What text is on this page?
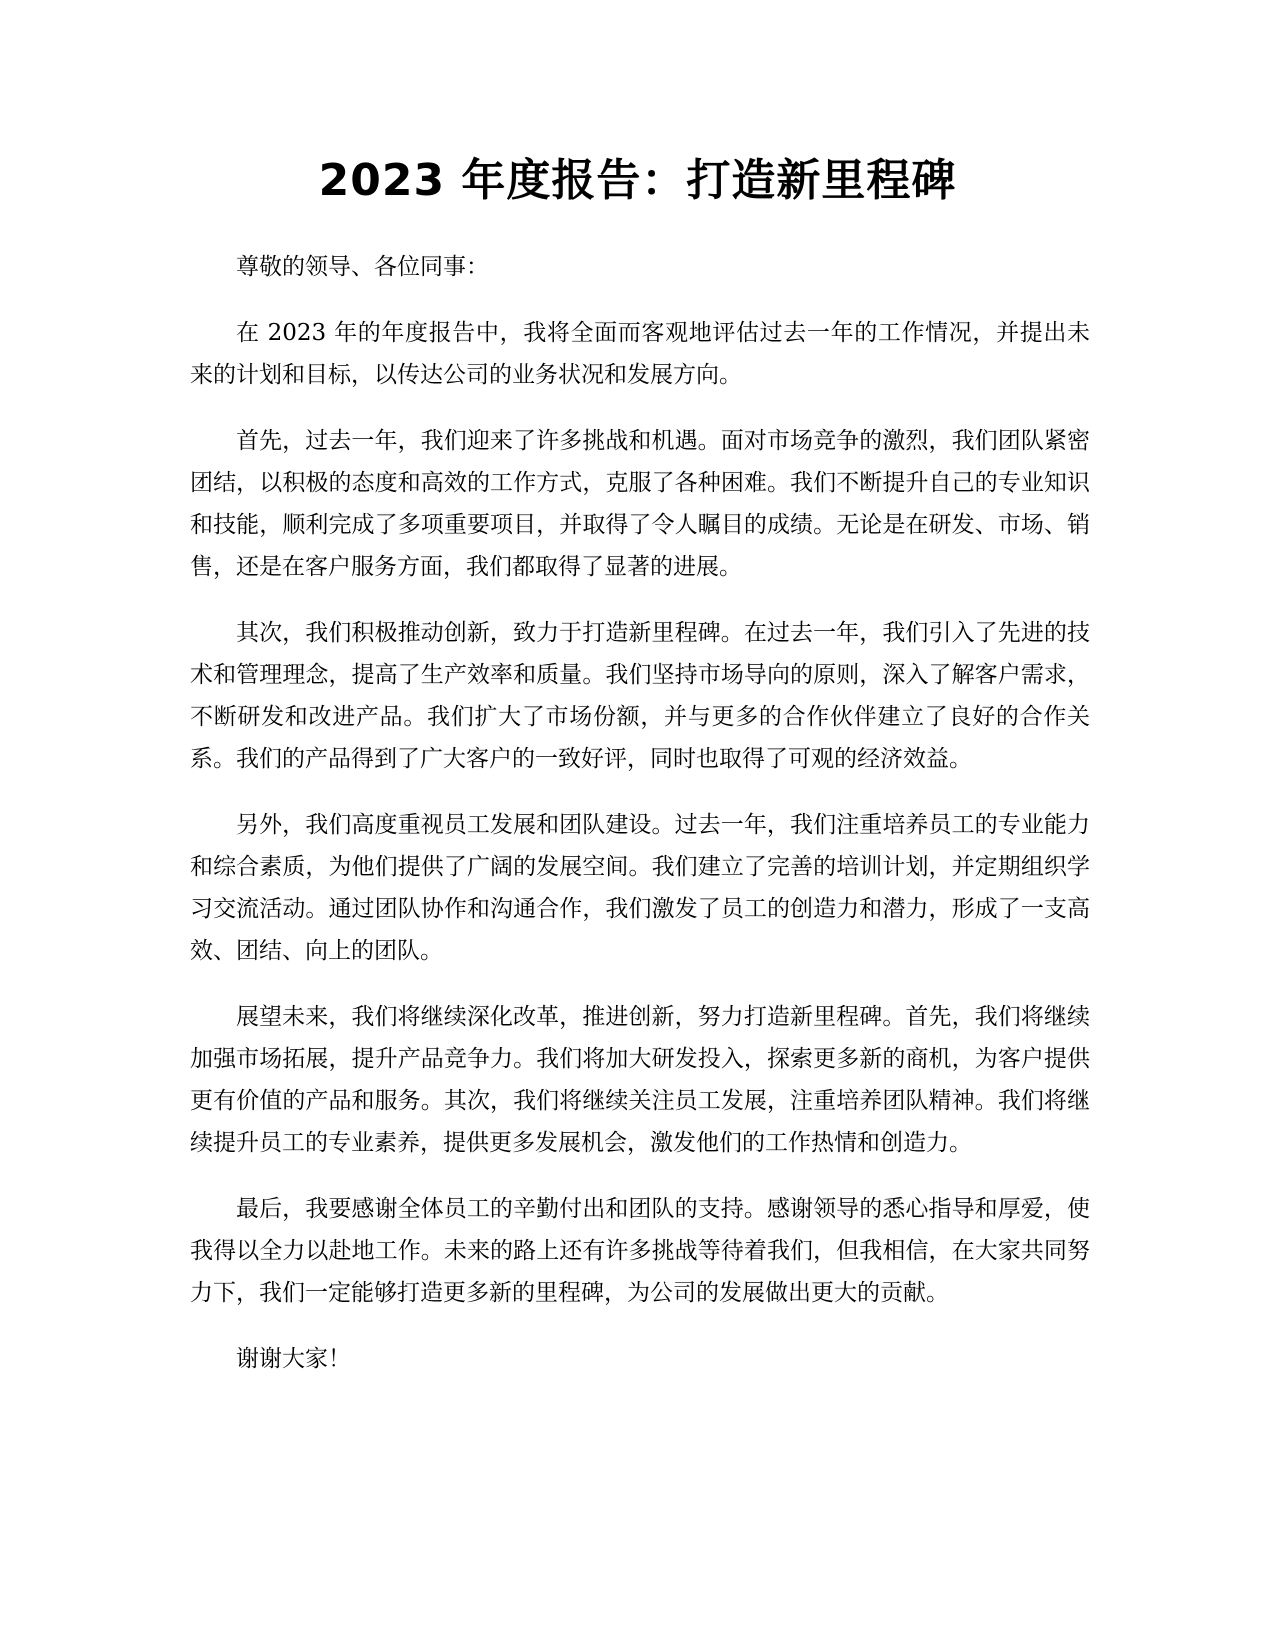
2023 年度报告：打造新里程碑

尊敬的领导、各位同事：

在 2023 年的年度报告中，我将全面而客观地评估过去一年的工作情况，并提出未来的计划和目标，以传达公司的业务状况和发展方向。

首先，过去一年，我们迎来了许多挑战和机遇。面对市场竞争的激烈，我们团队紧密团结，以积极的态度和高效的工作方式，克服了各种困难。我们不断提升自己的专业知识和技能，顺利完成了多项重要项目，并取得了令人瞩目的成绩。无论是在研发、市场、销售，还是在客户服务方面，我们都取得了显著的进展。

其次，我们积极推动创新，致力于打造新里程碑。在过去一年，我们引入了先进的技术和管理理念，提高了生产效率和质量。我们坚持市场导向的原则，深入了解客户需求，不断研发和改进产品。我们扩大了市场份额，并与更多的合作伙伴建立了良好的合作关系。我们的产品得到了广大客户的一致好评，同时也取得了可观的经济效益。

另外，我们高度重视员工发展和团队建设。过去一年，我们注重培养员工的专业能力和综合素质，为他们提供了广阔的发展空间。我们建立了完善的培训计划，并定期组织学习交流活动。通过团队协作和沟通合作，我们激发了员工的创造力和潜力，形成了一支高效、团结、向上的团队。

展望未来，我们将继续深化改革，推进创新，努力打造新里程碑。首先，我们将继续加强市场拓展，提升产品竞争力。我们将加大研发投入，探索更多新的商机，为客户提供更有价值的产品和服务。其次，我们将继续关注员工发展，注重培养团队精神。我们将继续提升员工的专业素养，提供更多发展机会，激发他们的工作热情和创造力。

最后，我要感谢全体员工的辛勤付出和团队的支持。感谢领导的悉心指导和厚爱，使我得以全力以赴地工作。未来的路上还有许多挑战等待着我们，但我相信，在大家共同努力下，我们一定能够打造更多新的里程碑，为公司的发展做出更大的贡献。

谢谢大家！
